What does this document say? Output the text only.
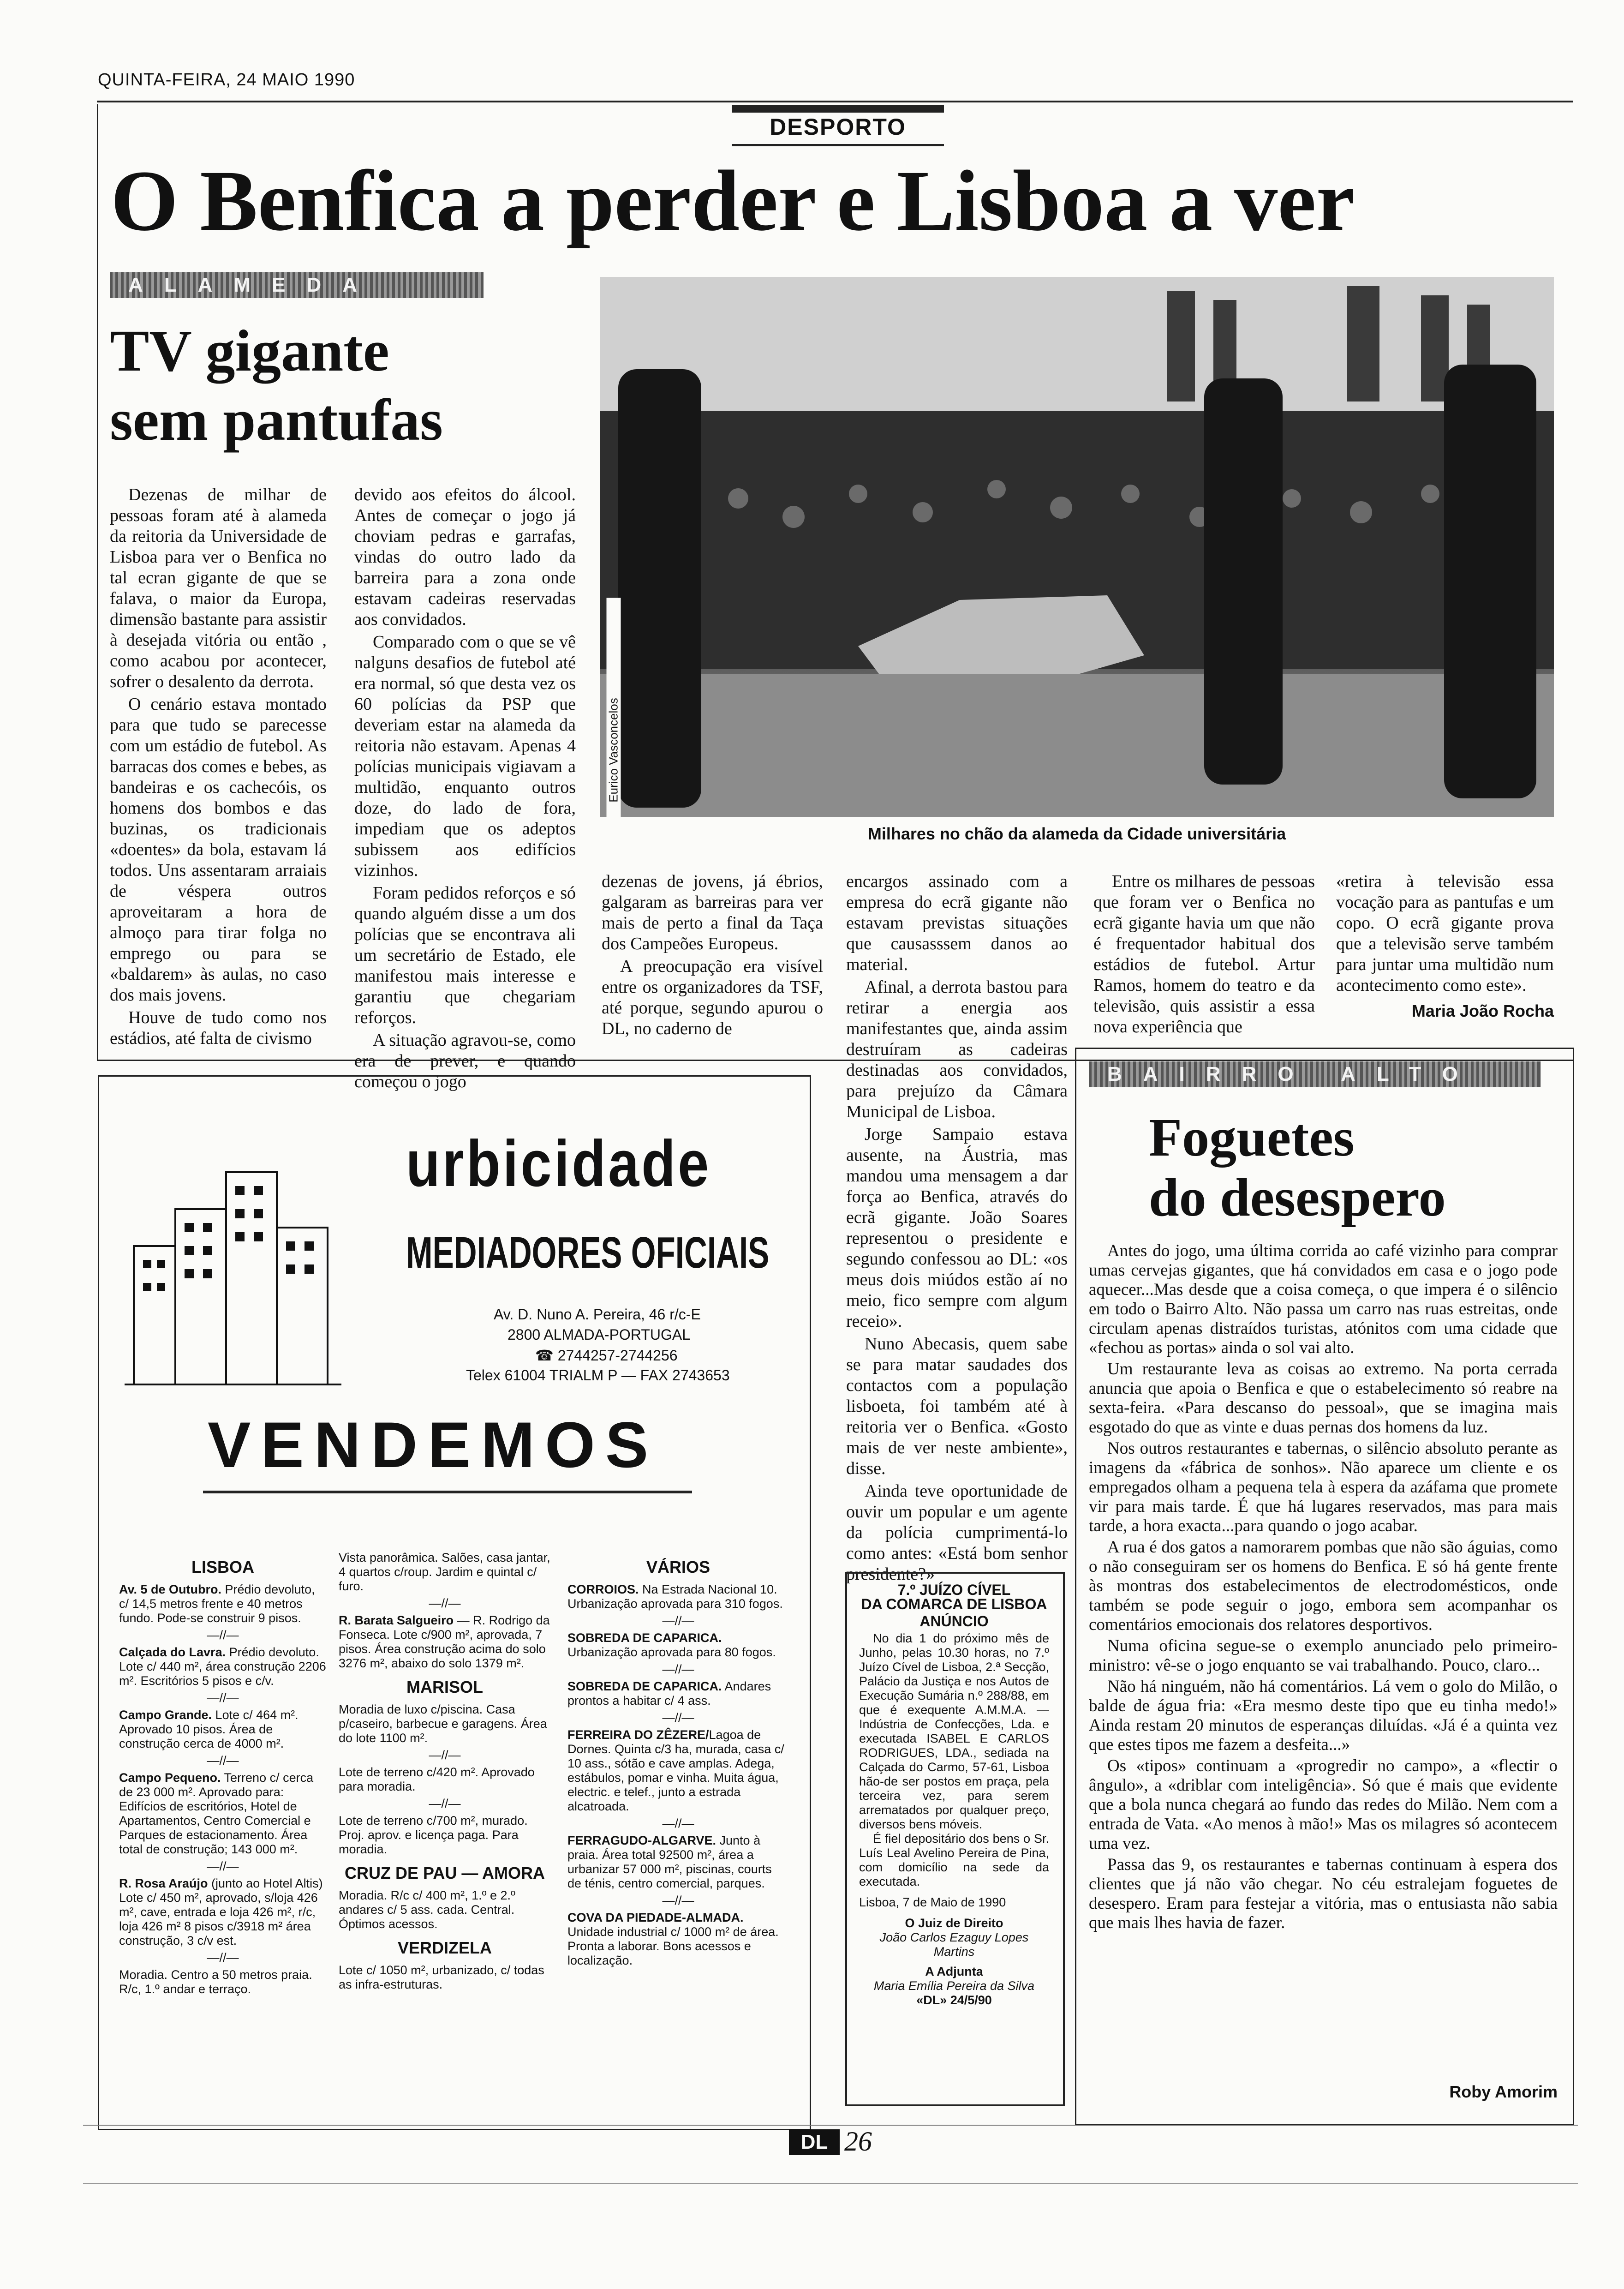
QUINTA-FEIRA, 24 MAIO 1990
DESPORTO
O Benfica a perder e Lisboa a ver
ALAMEDA
TV gigante
sem pantufas
Eurico Vasconcelos
Milhares no chão da alameda da Cidade universitária

Dezenas de milhar de pessoas foram até à alameda da reitoria da Universidade de Lisboa para ver o Benfica no tal ecran gigante de que se falava, o maior da Europa, dimensão bastante para assistir à desejada vitória ou então , como acabou por acontecer, sofrer o desalento da derrota.

O cenário estava montado para que tudo se parecesse com um estádio de futebol. As barracas dos comes e bebes, as bandeiras e os cachecóis, os homens dos bombos e das buzinas, os tradicionais «doentes» da bola, estavam lá todos. Uns assentaram arraiais de véspera outros aproveitaram a hora de almoço para tirar folga no emprego ou para se «baldarem» às aulas, no caso dos mais jovens.

Houve de tudo como nos estádios, até falta de civismo

devido aos efeitos do álcool. Antes de começar o jogo já choviam pedras e garrafas, vindas do outro lado da barreira para a zona onde estavam cadeiras reservadas aos convidados.

Comparado com o que se vê nalguns desafios de futebol até era normal, só que desta vez os 60 polícias da PSP que deveriam estar na alameda da reitoria não estavam. Apenas 4 polícias municipais vigiavam a multidão, enquanto outros doze, do lado de fora, impediam que os adeptos subissem aos edifícios vizinhos.

Foram pedidos reforços e só quando alguém disse a um dos polícias que se encontrava ali um secretário de Estado, ele manifestou mais interesse e garantiu que chegariam reforços.

A situação agravou-se, como era de prever, e quando começou o jogo

dezenas de jovens, já ébrios, galgaram as barreiras para ver mais de perto a final da Taça dos Campeões Europeus.

A preocupação era visível entre os organizadores da TSF, até porque, segundo apurou o DL, no caderno de

encargos assinado com a empresa do ecrã gigante não estavam previstas situações que causasssem danos ao material.

Afinal, a derrota bastou para retirar a energia aos manifestantes que, ainda assim destruíram as cadeiras destinadas aos convidados, para prejuízo da Câmara Municipal de Lisboa.

Jorge Sampaio estava ausente, na Áustria, mas mandou uma mensagem a dar força ao Benfica, através do ecrã gigante. João Soares representou o presidente e segundo confessou ao DL: «os meus dois miúdos estão aí no meio, fico sempre com algum receio».

Nuno Abecasis, quem sabe se para matar saudades dos contactos com a população lisboeta, foi também até à reitoria ver o Benfica. «Gosto mais de ver neste ambiente», disse.

Ainda teve oportunidade de ouvir um popular e um agente da polícia cumprimentá-lo como antes: «Está bom senhor presidente?»

Entre os milhares de pessoas que foram ver o Benfica no ecrã gigante havia um que não é frequentador habitual dos estádios de futebol. Artur Ramos, homem do teatro e da televisão, quis assistir a essa nova experiência que

«retira à televisão essa vocação para as pantufas e um copo. O ecrã gigante prova que a televisão serve também para juntar uma multidão num acontecimento como este».

Maria João Rocha
BAIRRO ALTO
Foguetes
do desespero

Antes do jogo, uma última corrida ao café vizinho para comprar umas cervejas gigantes, que há convidados em casa e o jogo pode aquecer...Mas desde que a coisa começa, o que impera é o silêncio em todo o Bairro Alto. Não passa um carro nas ruas estreitas, onde circulam apenas distraídos turistas, atónitos com uma cidade que «fechou as portas» ainda o sol vai alto.

Um restaurante leva as coisas ao extremo. Na porta cerrada anuncia que apoia o Benfica e que o estabelecimento só reabre na sexta-feira. «Para descanso do pessoal», que se imagina mais esgotado do que as vinte e duas pernas dos homens da luz.

Nos outros restaurantes e tabernas, o silêncio absoluto perante as imagens da «fábrica de sonhos». Não aparece um cliente e os empregados olham a pequena tela à espera da azáfama que promete vir para mais tarde. É que há lugares reservados, mas para mais tarde, a hora exacta...para quando o jogo acabar.

A rua é dos gatos a namorarem pombas que não são águias, como o não conseguiram ser os homens do Benfica. E só há gente frente às montras dos estabelecimentos de electrodomésticos, onde também se pode seguir o jogo, embora sem acompanhar os comentários emocionais dos relatores desportivos.

Numa oficina segue-se o exemplo anunciado pelo primeiro-ministro: vê-se o jogo enquanto se vai trabalhando. Pouco, claro...

Não há ninguém, não há comentários. Lá vem o golo do Milão, o balde de água fria: «Era mesmo deste tipo que eu tinha medo!» Ainda restam 20 minutos de esperanças diluídas. «Já é a quinta vez que estes tipos me fazem a desfeita...»

Os «tipos» continuam a «progredir no campo», a «flectir o ângulo», a «driblar com inteligência». Só que é mais que evidente que a bola nunca chegará ao fundo das redes do Milão. Nem com a entrada de Vata. «Ao menos à mão!» Mas os milagres só acontecem uma vez.

Passa das 9, os restaurantes e tabernas continuam à espera dos clientes que já não vão chegar. No céu estralejam foguetes de desespero. Eram para festejar a vitória, mas o entusiasta não sabia que mais lhes havia de fazer.

Roby Amorim
urbicidade
MEDIADORES OFICIAIS
Av. D. Nuno A. Pereira, 46 r/c-E
2800 ALMADA-PORTUGAL
☎ 2744257-2744256
Telex 61004 TRIALM P — FAX 2743653
VENDEMOS
LISBOA
Av. 5 de Outubro. Prédio devoluto, c/ 14,5 metros frente e 40 metros fundo. Pode-se construir 9 pisos.
—//—
Calçada do Lavra. Prédio devoluto. Lote c/ 440 m², área construção 2206 m². Escritórios 5 pisos e c/v.
—//—
Campo Grande. Lote c/ 464 m². Aprovado 10 pisos. Área de construção cerca de 4000 m².
—//—
Campo Pequeno. Terreno c/ cerca de 23 000 m². Aprovado para: Edifícios de escritórios, Hotel de Apartamentos, Centro Comercial e Parques de estacionamento. Área total de construção; 143 000 m².
—//—
R. Rosa Araújo (junto ao Hotel Altis) Lote c/ 450 m², aprovado, s/loja 426 m², cave, entrada e loja 426 m², r/c, loja 426 m² 8 pisos c/3918 m² área construção, 3 c/v est.
—//—
Moradia. Centro a 50 metros praia. R/c, 1.º andar e terraço.
Vista panorâmica. Salões, casa jantar, 4 quartos c/roup. Jardim e quintal c/ furo.
—//—
R. Barata Salgueiro — R. Rodrigo da Fonseca. Lote c/900 m², aprovada, 7 pisos. Área construção acima do solo 3276 m², abaixo do solo 1379 m².
MARISOL
Moradia de luxo c/piscina. Casa p/caseiro, barbecue e garagens. Área do lote 1100 m².
—//—
Lote de terreno c/420 m². Aprovado para moradia.
—//—
Lote de terreno c/700 m², murado. Proj. aprov. e licença paga. Para moradia.
CRUZ DE PAU — AMORA
Moradia. R/c c/ 400 m², 1.º e 2.º andares c/ 5 ass. cada. Central. Óptimos acessos.
VERDIZELA
Lote c/ 1050 m², urbanizado, c/ todas as infra-estruturas.
VÁRIOS
CORROIOS. Na Estrada Nacional 10. Urbanização aprovada para 310 fogos.
—//—
SOBREDA DE CAPARICA. Urbanização aprovada para 80 fogos.
—//—
SOBREDA DE CAPARICA. Andares prontos a habitar c/ 4 ass.
—//—
FERREIRA DO ZÊZERE/Lagoa de Dornes. Quinta c/3 ha, murada, casa c/ 10 ass., sótão e cave amplas. Adega, estábulos, pomar e vinha. Muita água, electric. e telef., junto a estrada alcatroada.
—//—
FERRAGUDO-ALGARVE. Junto à praia. Área total 92500 m², área a urbanizar 57 000 m², piscinas, courts de ténis, centro comercial, parques.
—//—
COVA DA PIEDADE-ALMADA. Unidade industrial c/ 1000 m² de área. Pronta a laborar. Bons acessos e localização.
7.º JUÍZO CÍVEL
DA COMARCA DE LISBOA
ANÚNCIO
No dia 1 do próximo mês de Junho, pelas 10.30 horas, no 7.º Juízo Cível de Lisboa, 2.ª Secção, Palácio da Justiça e nos Autos de Execução Sumária n.º 288/88, em que é exequente A.M.M.A. — Indústria de Confecções, Lda. e executada ISABEL E CARLOS RODRIGUES, LDA., sediada na Calçada do Carmo, 57-61, Lisboa hão-de ser postos em praça, pela terceira vez, para serem arrematados por qualquer preço, diversos bens móveis.
É fiel depositário dos bens o Sr. Luís Leal Avelino Pereira de Pina, com domicílio na sede da executada.
Lisboa, 7 de Maio de 1990
O Juiz de Direito
João Carlos Ezaguy Lopes Martins
A Adjunta
Maria Emília Pereira da Silva
«DL» 24/5/90
DL 26
